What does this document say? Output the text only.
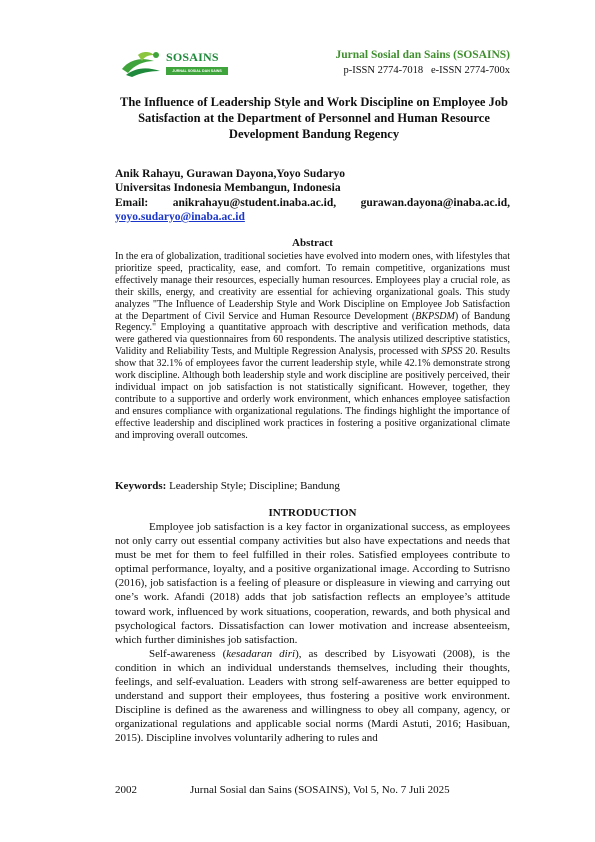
SOSAINS
JURNAL SOSIAL DAN SAINS
Jurnal Sosial dan Sains (SOSAINS)
p-ISSN 2774-7018   e-ISSN 2774-700x
The Influence of Leadership Style and Work Discipline on Employee Job Satisfaction at the Department of Personnel and Human Resource Development Bandung Regency
Anik Rahayu, Gurawan Dayona,Yoyo Sudaryo
Universitas Indonesia Membangun, Indonesia
Email: anikrahayu@student.inaba.ac.id, gurawan.dayona@inaba.ac.id,
yoyo.sudaryo@inaba.ac.id
Abstract
In the era of globalization, traditional societies have evolved into modern ones, with lifestyles that prioritize speed, practicality, ease, and comfort. To remain competitive, organizations must effectively manage their resources, especially human resources. Employees play a crucial role, as their skills, energy, and creativity are essential for achieving organizational goals. This study analyzes "The Influence of Leadership Style and Work Discipline on Employee Job Satisfaction at the Department of Civil Service and Human Resource Development (BKPSDM) of Bandung Regency." Employing a quantitative approach with descriptive and verification methods, data were gathered via questionnaires from 60 respondents. The analysis utilized descriptive statistics, Validity and Reliability Tests, and Multiple Regression Analysis, processed with SPSS 20. Results show that 32.1% of employees favor the current leadership style, while 42.1% demonstrate strong work discipline. Although both leadership style and work discipline are positively perceived, their individual impact on job satisfaction is not statistically significant. However, together, they contribute to a supportive and orderly work environment, which enhances employee satisfaction and ensures compliance with organizational regulations. The findings highlight the importance of effective leadership and disciplined work practices in fostering a positive organizational climate and improving overall outcomes.
Keywords: Leadership Style; Discipline; Bandung
INTRODUCTION

Employee job satisfaction is a key factor in organizational success, as employees not only carry out essential company activities but also have expectations and needs that must be met for them to feel fulfilled in their roles. Satisfied employees contribute to optimal performance, loyalty, and a positive organizational image. According to Sutrisno (2016), job satisfaction is a feeling of pleasure or displeasure in viewing and carrying out one’s work. Afandi (2018) adds that job satisfaction reflects an employee’s attitude toward work, influenced by work situations, cooperation, rewards, and both physical and psychological factors. Dissatisfaction can lower motivation and increase absenteeism, which further diminishes job satisfaction.

Self-awareness (kesadaran diri), as described by Lisyowati (2008), is the condition in which an individual understands themselves, including their thoughts, feelings, and self-evaluation. Leaders with strong self-awareness are better equipped to understand and support their employees, thus fostering a positive work environment. Discipline is defined as the awareness and willingness to obey all company, agency, or organizational regulations and applicable social norms (Mardi Astuti, 2016; Hasibuan, 2015). Discipline involves voluntarily adhering to rules and

2002	Jurnal Sosial dan Sains (SOSAINS), Vol 5, No. 7 Juli 2025
